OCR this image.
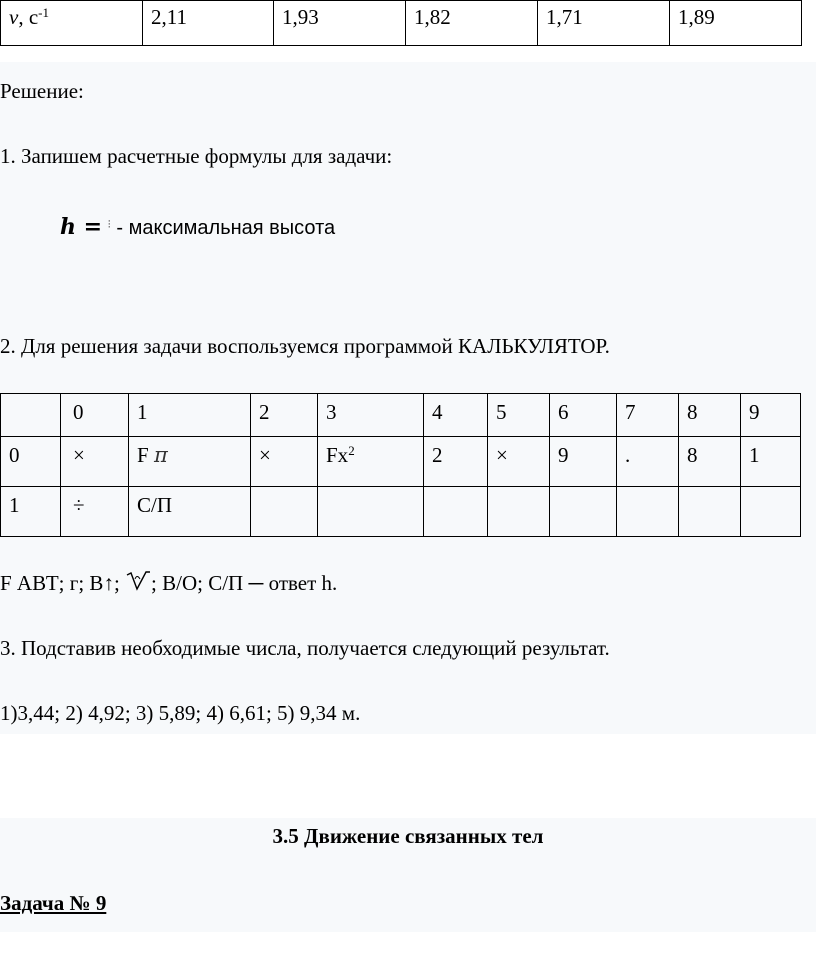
ν, $с^{-1}$	2,11	1,93	1,82	1,71	1,89
Решение:
1. Запишем расчетные формулы для задачи:
h = ⁝ - максимальная высота
2. Для решения задачи воспользуемся программой КАЛЬКУЛЯТОР.
	0	1	2	3	4	5	6	7	8	9
0	×	F π	×	$Fx^2$	2	×	9	.	8	1
1	÷	С/П								
F АВТ; г; В↑; ; В/О; С/П ─ ответ h.
3. Подставив необходимые числа, получается следующий результат.
1)3,44; 2) 4,92; 3) 5,89; 4) 6,61; 5) 9,34 м.
3.5 Движение связанных тел
Задача № 9
